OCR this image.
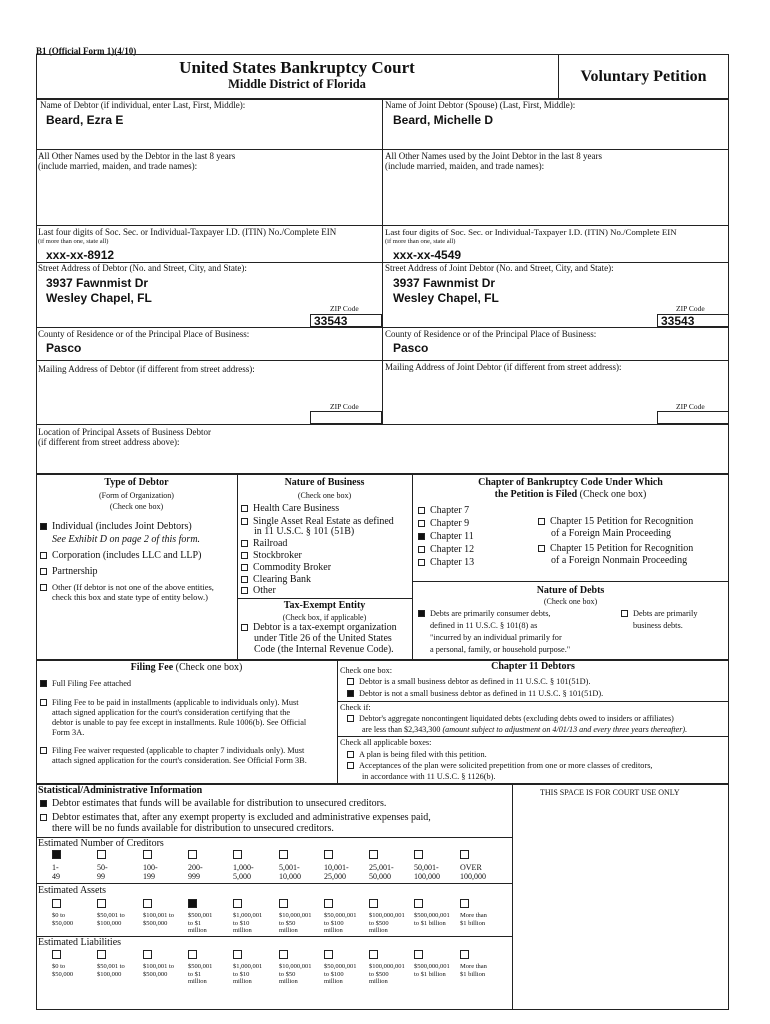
B1 (Official Form 1)(4/10)
United States Bankruptcy Court
Middle District of Florida	Voluntary Petition
Name of Debtor (if individual, enter Last, First, Middle):
Beard, Ezra E
All Other Names used by the Debtor in the last 8 years
(include married, maiden, and trade names):
Last four digits of Soc. Sec. or Individual-Taxpayer I.D. (ITIN) No./Complete EIN
(if more than one, state all)
xxx-xx-8912
Street Address of Debtor (No. and Street, City, and State):
3937 Fawnmist Dr
Wesley Chapel, FL
ZIP Code
33543
County of Residence or of the Principal Place of Business:
Pasco
Mailing Address of Debtor (if different from street address):
ZIP Code
Name of Joint Debtor (Spouse) (Last, First, Middle):
Beard, Michelle D
All Other Names used by the Joint Debtor in the last 8 years
(include married, maiden, and trade names):
Last four digits of Soc. Sec. or Individual-Taxpayer I.D. (ITIN) No./Complete EIN
(if more than one, state all)
xxx-xx-4549
Street Address of Joint Debtor (No. and Street, City, and State):
3937 Fawnmist Dr
Wesley Chapel, FL
ZIP Code
33543
County of Residence or of the Principal Place of Business:
Pasco
Mailing Address of Joint Debtor (if different from street address):
ZIP Code
Location of Principal Assets of Business Debtor
(if different from street address above):
Type of Debtor
(Form of Organization)
(Check one box)
Individual (includes Joint Debtors)
See Exhibit D on page 2 of this form.
Corporation (includes LLC and LLP)
Partnership
Other (If debtor is not one of the above entities,
check this box and state type of entity below.)
Nature of Business
(Check one box)
Health Care Business
Single Asset Real Estate as defined
in 11 U.S.C. § 101 (51B)
Railroad
Stockbroker
Commodity Broker
Clearing Bank
Other
Tax-Exempt Entity
(Check box, if applicable)
Debtor is a tax-exempt organization
under Title 26 of the United States
Code (the Internal Revenue Code).
Chapter of Bankruptcy Code Under Which
the Petition is Filed (Check one box)
Chapter 7
Chapter 9
Chapter 11
Chapter 12
Chapter 13
Chapter 15 Petition for Recognition
of a Foreign Main Proceeding
Chapter 15 Petition for Recognition
of a Foreign Nonmain Proceeding
Nature of Debts
(Check one box)
Debts are primarily consumer debts,
defined in 11 U.S.C. § 101(8) as
"incurred by an individual primarily for
a personal, family, or household purpose."
Debts are primarily
business debts.
Filing Fee (Check one box)
Full Filing Fee attached
Filing Fee to be paid in installments (applicable to individuals only). Must
attach signed application for the court's consideration certifying that the
debtor is unable to pay fee except in installments. Rule 1006(b). See Official
Form 3A.
Filing Fee waiver requested (applicable to chapter 7 individuals only). Must
attach signed application for the court's consideration. See Official Form 3B.
Chapter 11 Debtors
Check one box:
Debtor is a small business debtor as defined in 11 U.S.C. § 101(51D).
Debtor is not a small business debtor as defined in 11 U.S.C. § 101(51D).
Check if:
Debtor's aggregate noncontingent liquidated debts (excluding debts owed to insiders or affiliates)
are less than $2,343,300 (amount subject to adjustment on 4/01/13 and every three years thereafter).
Check all applicable boxes:
A plan is being filed with this petition.
Acceptances of the plan were solicited prepetition from one or more classes of creditors,
in accordance with 11 U.S.C. § 1126(b).
Statistical/Administrative Information	THIS SPACE IS FOR COURT USE ONLY
Debtor estimates that funds will be available for distribution to unsecured creditors.
Debtor estimates that, after any exempt property is excluded and administrative expenses paid,
there will be no funds available for distribution to unsecured creditors.
Estimated Number of Creditors
1-
49
50-
99
100-
199
200-
999
1,000-
5,000
5,001-
10,000
10,001-
25,000
25,001-
50,000
50,001-
100,000
OVER
100,000
Estimated Assets
$0 to
$50,000
$50,001 to
$100,000
$100,001 to
$500,000
$500,001
to $1
million
$1,000,001
to $10
million
$10,000,001
to $50
million
$50,000,001
to $100
million
$100,000,001
to $500
million
$500,000,001
to $1 billion
More than
$1 billion
Estimated Liabilities
$0 to
$50,000
$50,001 to
$100,000
$100,001 to
$500,000
$500,001
to $1
million
$1,000,001
to $10
million
$10,000,001
to $50
million
$50,000,001
to $100
million
$100,000,001
to $500
million
$500,000,001
to $1 billion
More than
$1 billion
